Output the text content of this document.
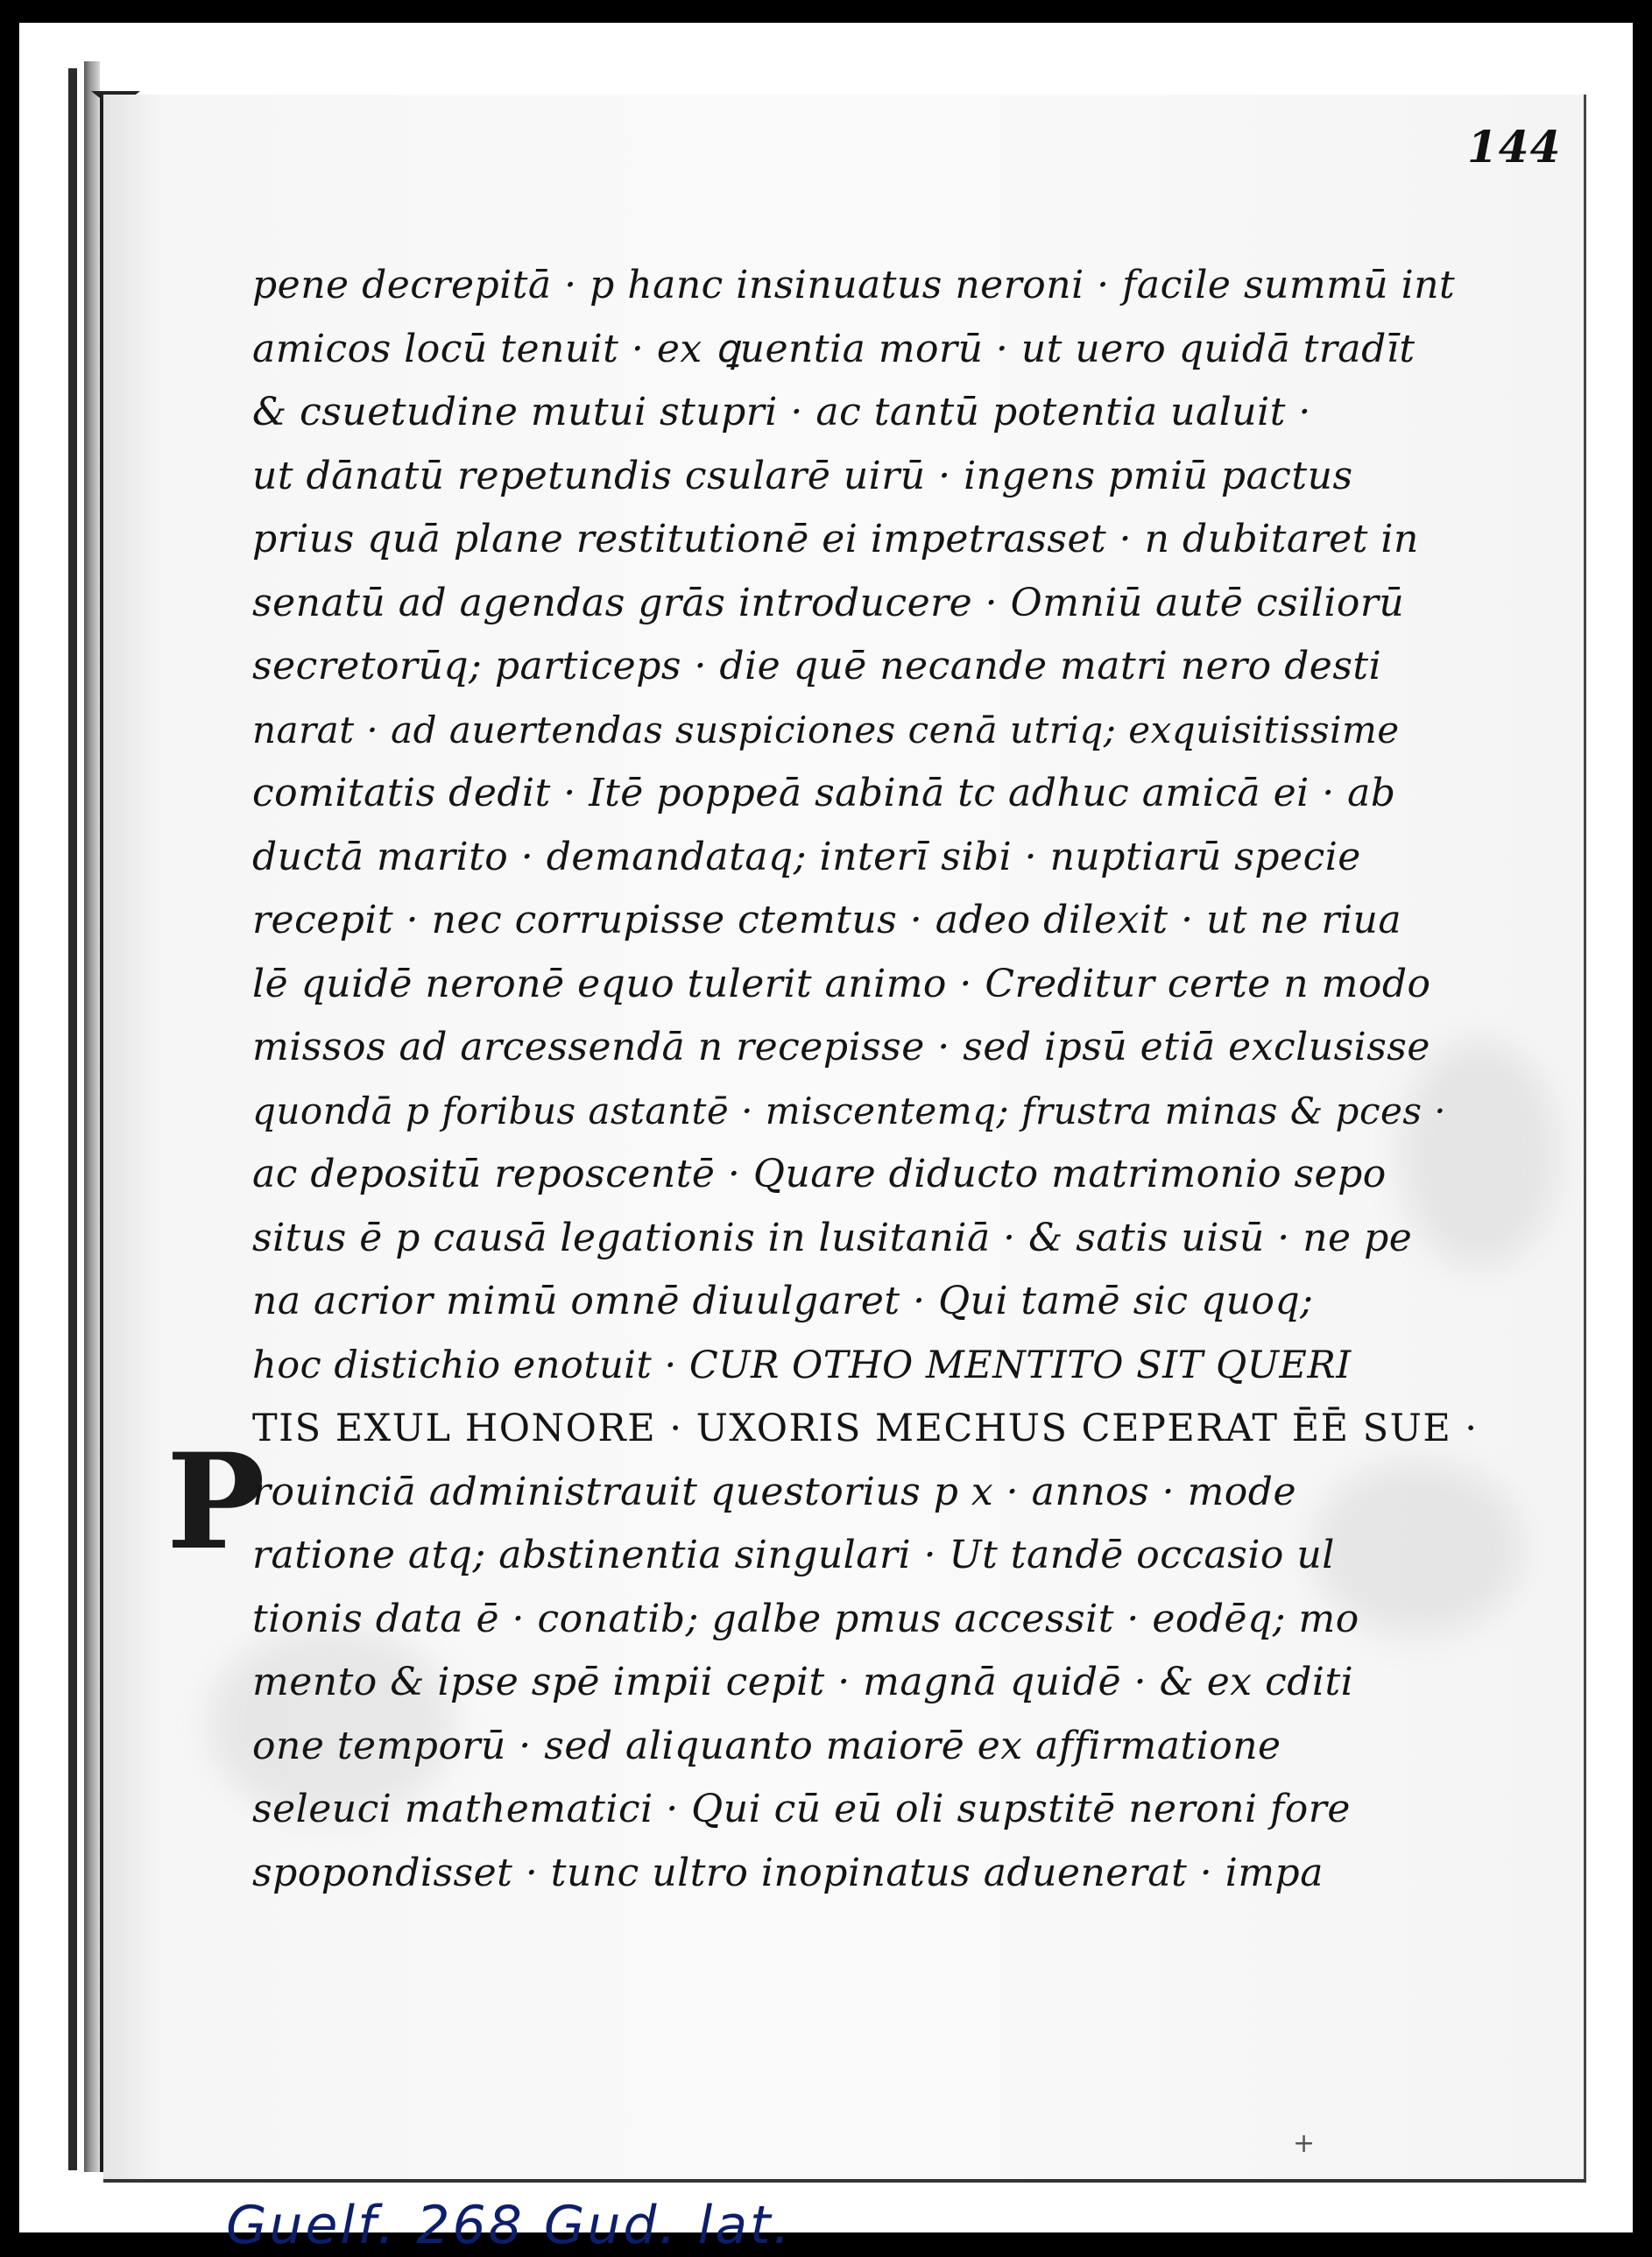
144
P
pene decrepitā · p hanc insinuatus neroni · facile summū int
amicos locū tenuit · ex ꝗuentia morū · ut uero quidā tradīt
& csuetudine mutui stupri · ac tantū potentia ualuit ·
ut dānatū repetundis csularē uirū · ingens pmiū pactus
prius quā plane restitutionē ei impetrasset · n dubitaret in
senatū ad agendas grās introducere · Omniū autē csiliorū
secretorūq; particeps · die quē necande matri nero desti
narat · ad auertendas suspiciones cenā utriq; exquisitissime
comitatis dedit · Itē poppeā sabinā tc adhuc amicā ei · ab
ductā marito · demandataq; interī sibi · nuptiarū specie
recepit · nec corrupisse ctemtus · adeo dilexit · ut ne riua
lē quidē neronē equo tulerit animo · Creditur certe n modo
missos ad arcessendā n recepisse · sed ipsū etiā exclusisse
quondā p foribus astantē · miscentemq; frustra minas & pces ·
ac depositū reposcentē · Quare diducto matrimonio sepo
situs ē p causā legationis in lusitaniā · & satis uisū · ne pe
na acrior mimū omnē diuulgaret · Qui tamē sic quoq;
hoc distichio enotuit · CUR OTHO MENTITO SIT QUERI
TIS EXUL HONORE · UXORIS MECHUS CEPERAT ĒĒ SUE ·
rouinciā administrauit questorius p x · annos · mode
ratione atq; abstinentia singulari · Ut tandē occasio ul
tionis data ē · conatib; galbe pmus accessit · eodēq; mo
mento & ipse spē impii cepit · magnā quidē · & ex cditi
one temporū · sed aliquanto maiorē ex affirmatione
seleuci mathematici · Qui cū eū oli supstitē neroni fore
spopondisset · tunc ultro inopinatus aduenerat · impa
+
Guelf. 268 Gud. lat.
